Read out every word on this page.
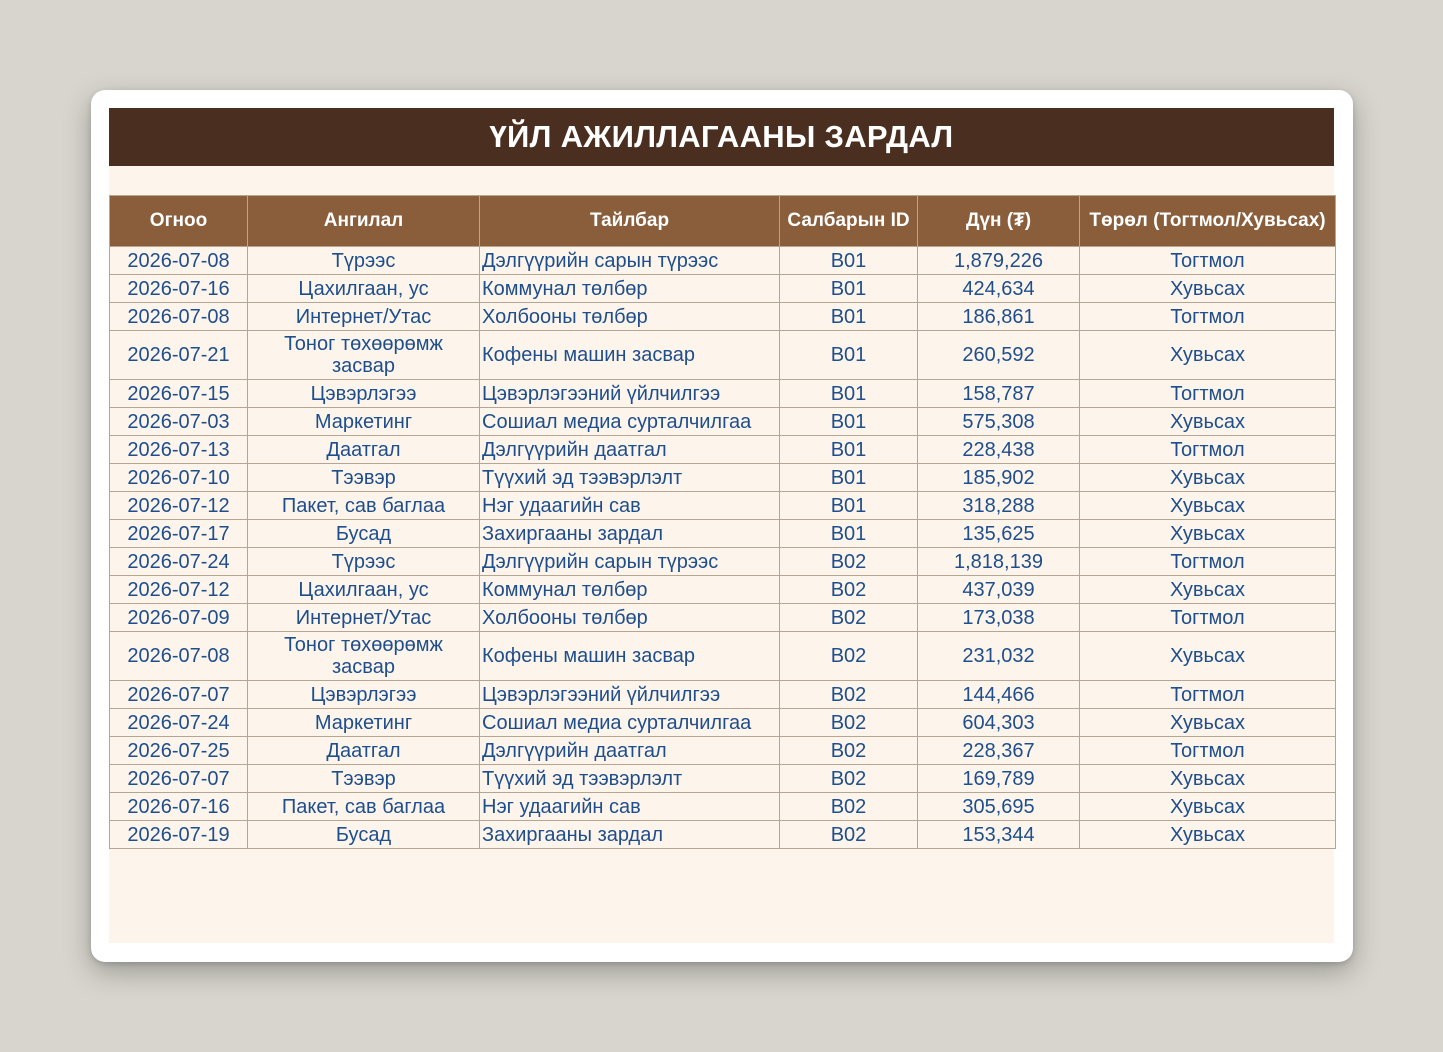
ҮЙЛ АЖИЛЛАГААНЫ ЗАРДАЛ
Огноо	Ангилал	Тайлбар	Салбарын ID	Дүн (₮)	Төрөл (Тогтмол/Хувьсах)
2026-07-08	Түрээс	Дэлгүүрийн сарын түрээс	B01	1,879,226	Тогтмол
2026-07-16	Цахилгаан, ус	Коммунал төлбөр	B01	424,634	Хувьсах
2026-07-08	Интернет/Утас	Холбооны төлбөр	B01	186,861	Тогтмол
2026-07-21	Тоног төхөөрөмж засвар	Кофены машин засвар	B01	260,592	Хувьсах
2026-07-15	Цэвэрлэгээ	Цэвэрлэгээний үйлчилгээ	B01	158,787	Тогтмол
2026-07-03	Маркетинг	Сошиал медиа сурталчилгаа	B01	575,308	Хувьсах
2026-07-13	Даатгал	Дэлгүүрийн даатгал	B01	228,438	Тогтмол
2026-07-10	Тээвэр	Түүхий эд тээвэрлэлт	B01	185,902	Хувьсах
2026-07-12	Пакет, сав баглаа	Нэг удаагийн сав	B01	318,288	Хувьсах
2026-07-17	Бусад	Захиргааны зардал	B01	135,625	Хувьсах
2026-07-24	Түрээс	Дэлгүүрийн сарын түрээс	B02	1,818,139	Тогтмол
2026-07-12	Цахилгаан, ус	Коммунал төлбөр	B02	437,039	Хувьсах
2026-07-09	Интернет/Утас	Холбооны төлбөр	B02	173,038	Тогтмол
2026-07-08	Тоног төхөөрөмж засвар	Кофены машин засвар	B02	231,032	Хувьсах
2026-07-07	Цэвэрлэгээ	Цэвэрлэгээний үйлчилгээ	B02	144,466	Тогтмол
2026-07-24	Маркетинг	Сошиал медиа сурталчилгаа	B02	604,303	Хувьсах
2026-07-25	Даатгал	Дэлгүүрийн даатгал	B02	228,367	Тогтмол
2026-07-07	Тээвэр	Түүхий эд тээвэрлэлт	B02	169,789	Хувьсах
2026-07-16	Пакет, сав баглаа	Нэг удаагийн сав	B02	305,695	Хувьсах
2026-07-19	Бусад	Захиргааны зардал	B02	153,344	Хувьсах
